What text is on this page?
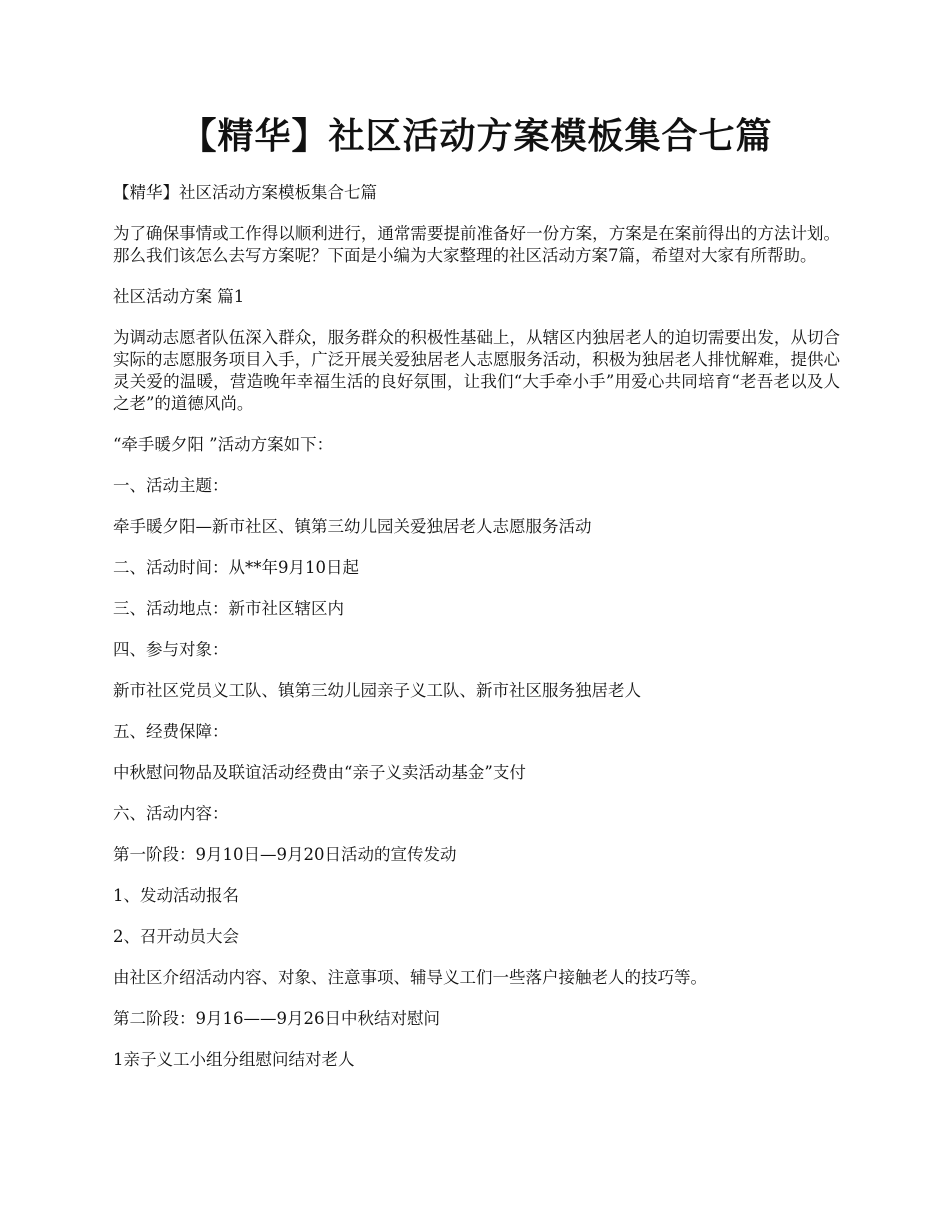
【精华】社区活动方案模板集合七篇

【精华】社区活动方案模板集合七篇

为了确保事情或工作得以顺利进行，通常需要提前准备好一份方案，方案是在案前得出的方法计划。那么我们该怎么去写方案呢？下面是小编为大家整理的社区活动方案7篇，希望对大家有所帮助。

社区活动方案 篇1

为调动志愿者队伍深入群众，服务群众的积极性基础上，从辖区内独居老人的迫切需要出发，从切合实际的志愿服务项目入手，广泛开展关爱独居老人志愿服务活动，积极为独居老人排忧解难，提供心灵关爱的温暖，营造晚年幸福生活的良好氛围，让我们“大手牵小手”用爱心共同培育“老吾老以及人之老”的道德风尚。

“牵手暖夕阳 ”活动方案如下：

一、活动主题：

牵手暖夕阳—新市社区、镇第三幼儿园关爱独居老人志愿服务活动

二、活动时间：从**年9月10日起

三、活动地点：新市社区辖区内

四、参与对象：

新市社区党员义工队、镇第三幼儿园亲子义工队、新市社区服务独居老人

五、经费保障：

中秋慰问物品及联谊活动经费由“亲子义卖活动基金”支付

六、活动内容：

第一阶段：9月10日—9月20日活动的宣传发动

1、发动活动报名

2、召开动员大会

由社区介绍活动内容、对象、注意事项、辅导义工们一些落户接触老人的技巧等。

第二阶段：9月16——9月26日中秋结对慰问

1亲子义工小组分组慰问结对老人
